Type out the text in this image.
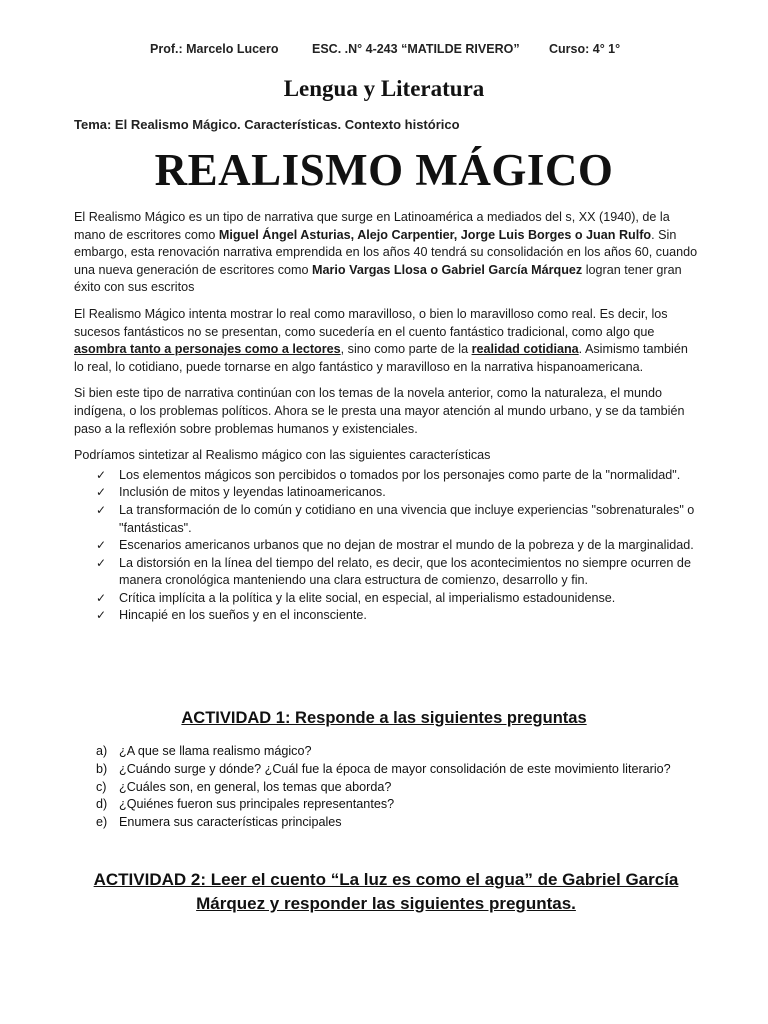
Prof.: Marcelo Lucero	ESC. .N° 4-243 “MATILDE RIVERO” Curso: 4° 1°
Lengua y Literatura
Tema: El Realismo Mágico. Características. Contexto histórico
REALISMO MÁGICO

El Realismo Mágico es un tipo de narrativa que surge en Latinoamérica a mediados del s, XX (1940), de la mano de escritores como Miguel Ángel Asturias, Alejo Carpentier, Jorge Luis Borges o Juan Rulfo. Sin embargo, esta renovación narrativa emprendida en los años 40 tendrá su consolidación en los años 60, cuando una nueva generación de escritores como Mario Vargas Llosa o Gabriel García Márquez logran tener gran éxito con sus escritos

El Realismo Mágico intenta mostrar lo real como maravilloso, o bien lo maravilloso como real. Es decir, los sucesos fantásticos no se presentan, como sucedería en el cuento fantástico tradicional, como algo que asombra tanto a personajes como a lectores, sino como parte de la realidad cotidiana. Asimismo también lo real, lo cotidiano, puede tornarse en algo fantástico y maravilloso en la narrativa hispanoamericana.

Si bien este tipo de narrativa continúan con los temas de la novela anterior, como la naturaleza, el mundo indígena, o los problemas políticos. Ahora se le presta una mayor atención al mundo urbano, y se da también paso a la reflexión sobre problemas humanos y existenciales.

Podríamos sintetizar al Realismo mágico con las siguientes características

✓ Los elementos mágicos son percibidos o tomados por los personajes como parte de la "normalidad".
✓ Inclusión de mitos y leyendas latinoamericanos.
✓ La transformación de lo común y cotidiano en una vivencia que incluye experiencias "sobrenaturales" o "fantásticas".
✓ Escenarios americanos urbanos que no dejan de mostrar el mundo de la pobreza y de la marginalidad.
✓ La distorsión en la línea del tiempo del relato, es decir, que los acontecimientos no siempre ocurren de manera cronológica manteniendo una clara estructura de comienzo, desarrollo y fin.
✓ Crítica implícita a la política y la elite social, en especial, al imperialismo estadounidense.
✓ Hincapié en los sueños y en el inconsciente.
ACTIVIDAD 1: Responde a las siguientes preguntas
a) ¿A que se llama realismo mágico?
b) ¿Cuándo surge y dónde? ¿Cuál fue la época de mayor consolidación de este movimiento literario?
c) ¿Cuáles son, en general, los temas que aborda?
d) ¿Quiénes fueron sus principales representantes?
e) Enumera sus características principales
ACTIVIDAD 2: Leer el cuento “La luz es como el agua” de Gabriel García Márquez y responder las siguientes preguntas.
